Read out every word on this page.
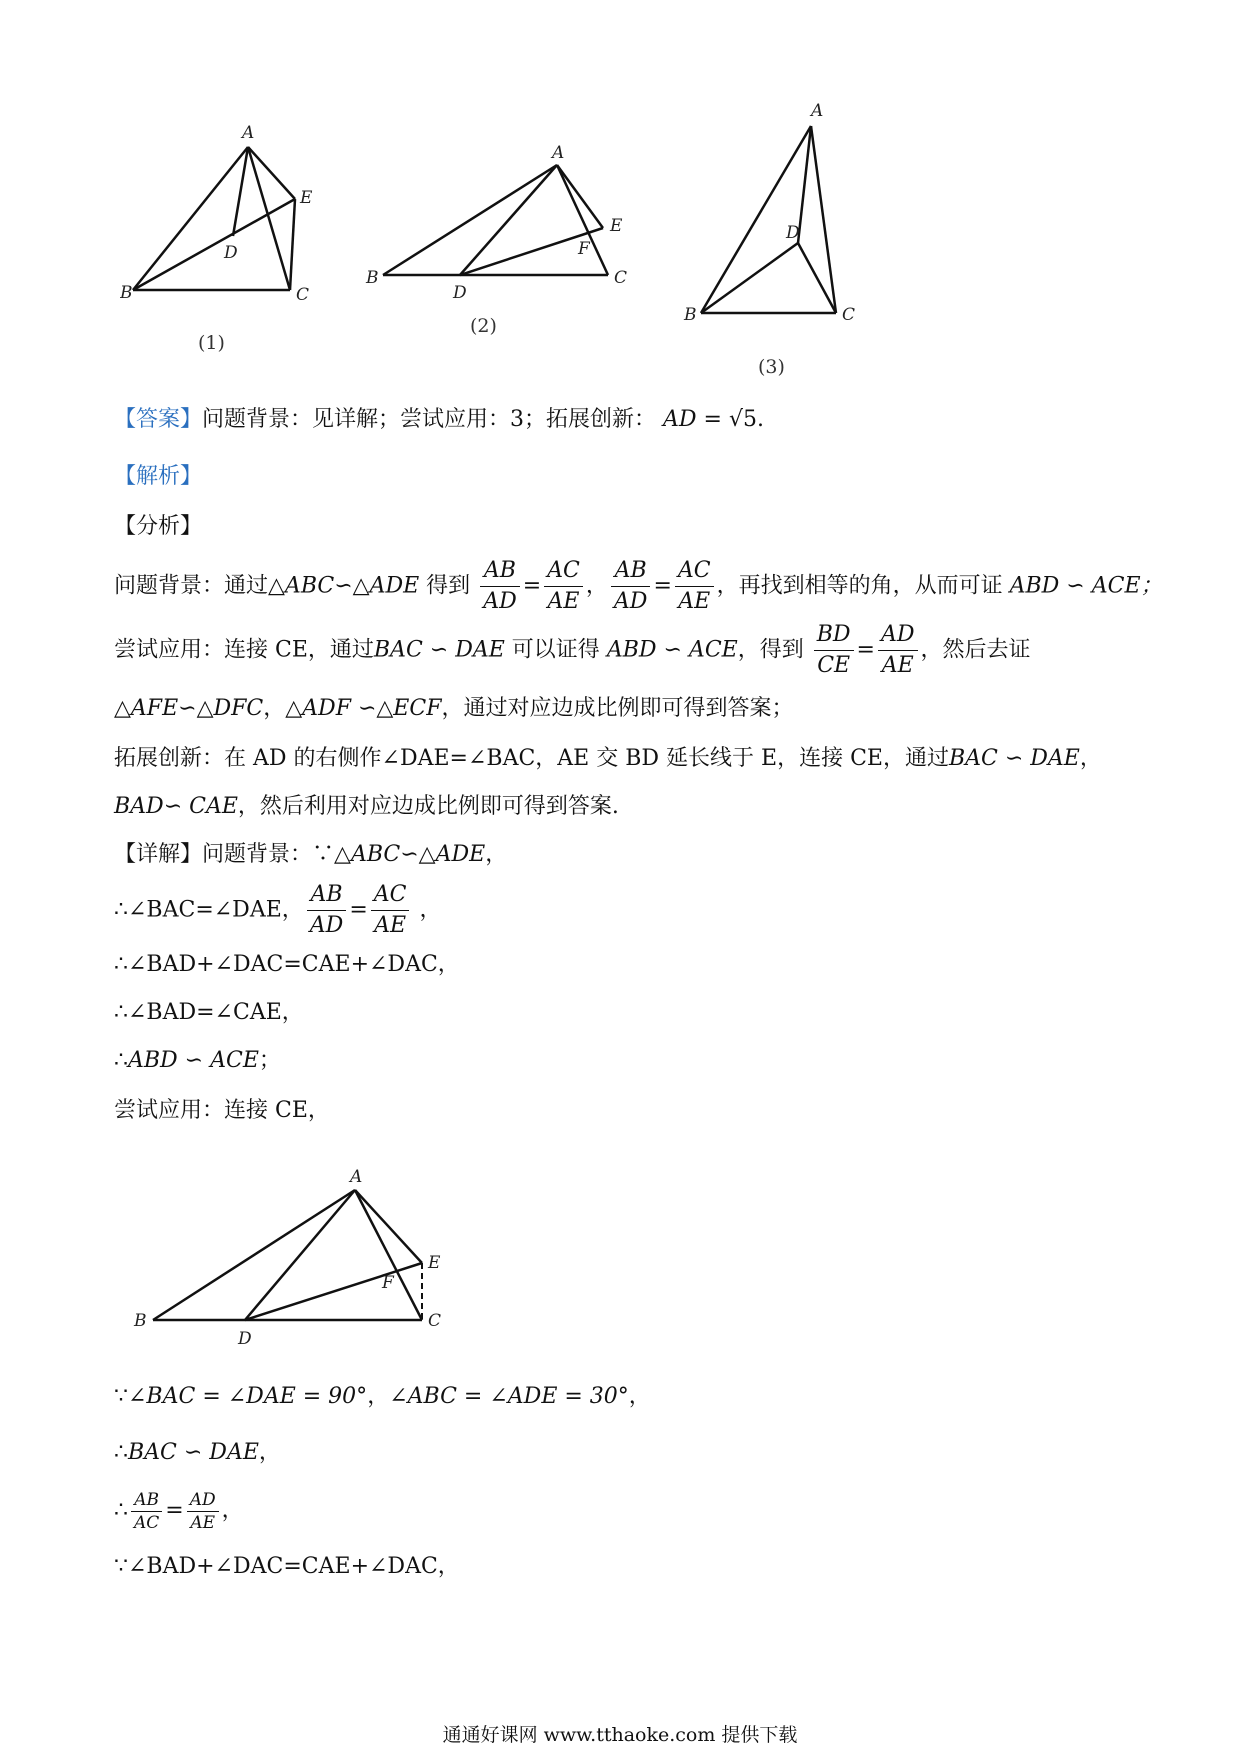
A
B	C
D
E
(1)
A
B	C
D
E
F
(2)
A
B	C
D
(3)
【答案】问题背景：见详解；尝试应用：3；拓展创新： AD = √5.
【解析】
【分析】
问题背景：通过△ABC∽△ADE 得到 $\frac{AB}{AD} = \frac{AC}{AE}$ ， $\frac{AB}{AD} = \frac{AC}{AE}$ ，再找到相等的角，从而可证 ABD ∽ ACE；
尝试应用：连接 CE，通过BAC ∽ DAE 可以证得 ABD ∽ ACE，得到 $\frac{BD}{CE} = \frac{AD}{AE}$ ，然后去证
△AFE∽△DFC，△ADF ∽△ECF，通过对应边成比例即可得到答案；
拓展创新：在 AD 的右侧作∠DAE=∠BAC，AE 交 BD 延长线于 E，连接 CE，通过BAC ∽ DAE，
BAD∽ CAE，然后利用对应边成比例即可得到答案.
【详解】问题背景：∵△ABC∽△ADE，
∴∠BAC=∠DAE， $\frac{AB}{AD} = \frac{AC}{AE}$ ，
∴∠BAD+∠DAC=CAE+∠DAC，
∴∠BAD=∠CAE，
∴ABD ∽ ACE；
尝试应用：连接 CE，
A
B	C
D
E
F
∵∠BAC = ∠DAE = 90°，∠ABC = ∠ADE = 30°，
∴BAC ∽ DAE，
∴ $\frac{AB}{AC} = \frac{AD}{AE}$ ，
∵∠BAD+∠DAC=CAE+∠DAC，
通通好课网 www.tthaoke.com 提供下载
